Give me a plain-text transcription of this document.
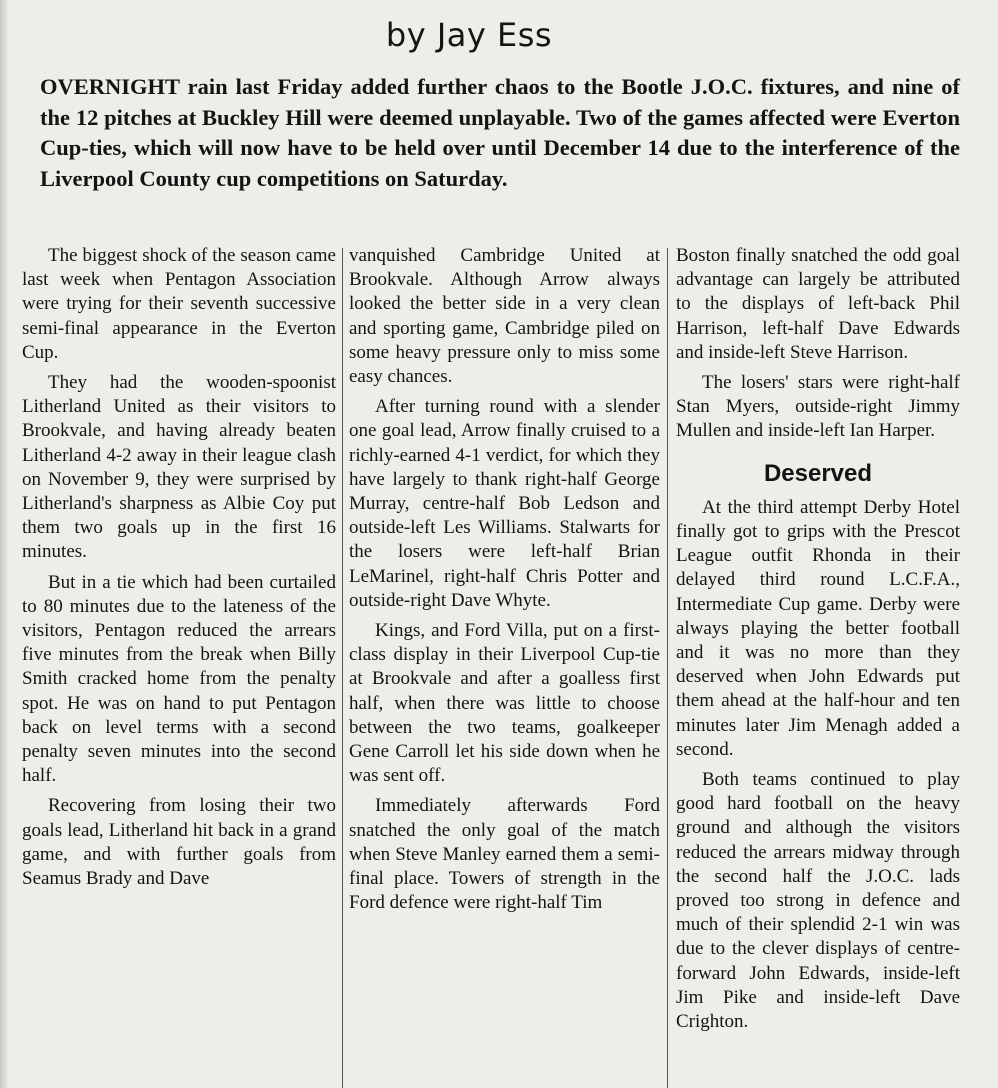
by Jay Ess
OVERNIGHT rain last Friday added further chaos to the Bootle J.O.C. fixtures, and nine of the 12 pitches at Buckley Hill were deemed unplayable. Two of the games affected were Everton Cup-ties, which will now have to be held over until December 14 due to the interference of the Liverpool County cup competitions on Saturday.

The biggest shock of the season came last week when Pentagon Association were trying for their seventh successive semi-final appearance in the Everton Cup.

They had the wooden-spoonist Litherland United as their visitors to Brookvale, and having already beaten Litherland 4-2 away in their league clash on November 9, they were surprised by Litherland's sharpness as Albie Coy put them two goals up in the first 16 minutes.

But in a tie which had been curtailed to 80 minutes due to the lateness of the visitors, Pentagon reduced the arrears five minutes from the break when Billy Smith cracked home from the penalty spot. He was on hand to put Pentagon back on level terms with a second penalty seven minutes into the second half.

Recovering from losing their two goals lead, Litherland hit back in a grand game, and with further goals from Seamus Brady and Dave

vanquished Cambridge United at Brookvale. Although Arrow always looked the better side in a very clean and sporting game, Cambridge piled on some heavy pressure only to miss some easy chances.

After turning round with a slender one goal lead, Arrow finally cruised to a richly-earned 4-1 verdict, for which they have largely to thank right-half George Murray, centre-half Bob Ledson and outside-left Les Williams. Stalwarts for the losers were left-half Brian LeMarinel, right-half Chris Potter and outside-right Dave Whyte.

Kings, and Ford Villa, put on a first-class display in their Liverpool Cup-tie at Brookvale and after a goalless first half, when there was little to choose between the two teams, goalkeeper Gene Carroll let his side down when he was sent off.

Immediately afterwards Ford snatched the only goal of the match when Steve Manley earned them a semi-final place. Towers of strength in the Ford defence were right-half Tim

Boston finally snatched the odd goal advantage can largely be attributed to the displays of left-back Phil Harrison, left-half Dave Edwards and inside-left Steve Harrison.

The losers' stars were right-half Stan Myers, outside-right Jimmy Mullen and inside-left Ian Harper.

Deserved

At the third attempt Derby Hotel finally got to grips with the Prescot League outfit Rhonda in their delayed third round L.C.F.A., Intermediate Cup game. Derby were always playing the better football and it was no more than they deserved when John Edwards put them ahead at the half-hour and ten minutes later Jim Menagh added a second.

Both teams continued to play good hard football on the heavy ground and although the visitors reduced the arrears midway through the second half the J.O.C. lads proved too strong in defence and much of their splendid 2-1 win was due to the clever displays of centre-forward John Edwards, inside-left Jim Pike and inside-left Dave Crighton.
